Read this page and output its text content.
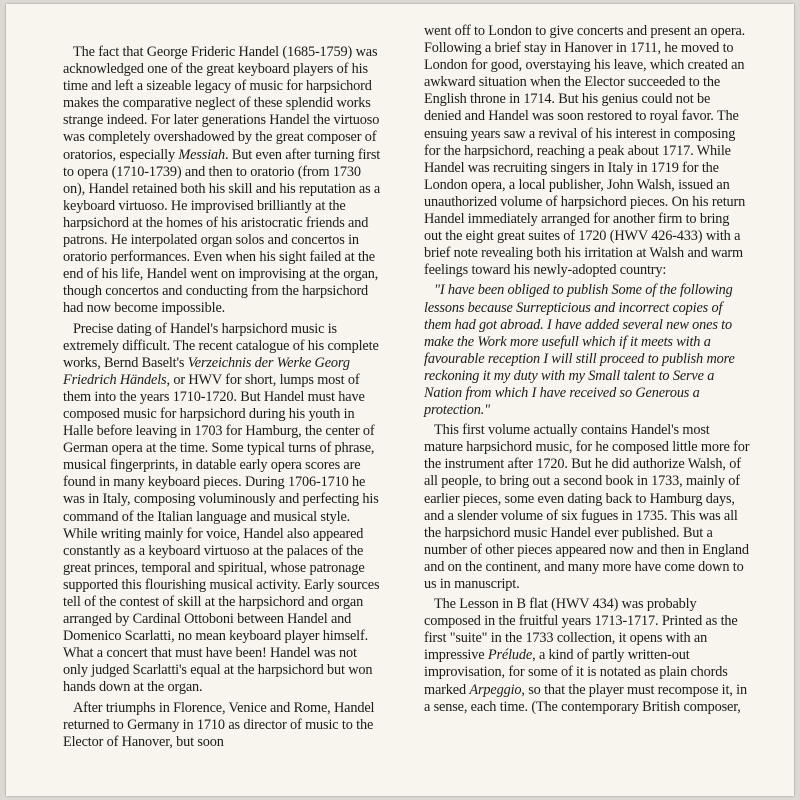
The fact that George Frideric Handel (1685-1759) was acknowledged one of the great keyboard players of his time and left a sizeable legacy of music for harpsichord makes the comparative neglect of these splendid works strange indeed. For later generations Handel the virtuoso was completely overshadowed by the great composer of oratorios, especially Messiah. But even after turning first to opera (1710-1739) and then to oratorio (from 1730 on), Handel retained both his skill and his reputation as a keyboard virtuoso. He improvised brilliantly at the harpsichord at the homes of his aristocratic friends and patrons. He interpolated organ solos and concertos in oratorio performances. Even when his sight failed at the end of his life, Handel went on improvising at the organ, though concertos and conducting from the harpsichord had now become impossible.

Precise dating of Handel's harpsichord music is extremely difficult. The recent catalogue of his complete works, Bernd Baselt's Verzeichnis der Werke Georg Friedrich Händels, or HWV for short, lumps most of them into the years 1710-1720. But Handel must have composed music for harpsichord during his youth in Halle before leaving in 1703 for Hamburg, the center of German opera at the time. Some typical turns of phrase, musical fingerprints, in datable early opera scores are found in many keyboard pieces. During 1706-1710 he was in Italy, composing voluminously and perfecting his command of the Italian language and musical style. While writing mainly for voice, Handel also appeared constantly as a keyboard virtuoso at the palaces of the great princes, temporal and spiritual, whose patronage supported this flourishing musical activity. Early sources tell of the contest of skill at the harpsichord and organ arranged by Cardinal Ottoboni between Handel and Domenico Scarlatti, no mean keyboard player himself. What a concert that must have been! Handel was not only judged Scarlatti's equal at the harpsichord but won hands down at the organ.

After triumphs in Florence, Venice and Rome, Handel returned to Germany in 1710 as director of music to the Elector of Hanover, but soon

went off to London to give concerts and present an opera. Following a brief stay in Hanover in 1711, he moved to London for good, overstaying his leave, which created an awkward situation when the Elector succeeded to the English throne in 1714. But his genius could not be denied and Handel was soon restored to royal favor. The ensuing years saw a revival of his interest in composing for the harpsichord, reaching a peak about 1717. While Handel was recruiting singers in Italy in 1719 for the London opera, a local publisher, John Walsh, issued an unauthorized volume of harpsichord pieces. On his return Handel immediately arranged for another firm to bring out the eight great suites of 1720 (HWV 426-433) with a brief note revealing both his irritation at Walsh and warm feelings toward his newly-adopted country:

"I have been obliged to publish Some of the following lessons because Surrepticious and incorrect copies of them had got abroad. I have added several new ones to make the Work more usefull which if it meets with a favourable reception I will still proceed to publish more reckoning it my duty with my Small talent to Serve a Nation from which I have received so Generous a protection."

This first volume actually contains Handel's most mature harpsichord music, for he composed little more for the instrument after 1720. But he did authorize Walsh, of all people, to bring out a second book in 1733, mainly of earlier pieces, some even dating back to Hamburg days, and a slender volume of six fugues in 1735. This was all the harpsichord music Handel ever published. But a number of other pieces appeared now and then in England and on the continent, and many more have come down to us in manuscript.

The Lesson in B flat (HWV 434) was probably composed in the fruitful years 1713-1717. Printed as the first "suite" in the 1733 collection, it opens with an impressive Prélude, a kind of partly written-out improvisation, for some of it is notated as plain chords marked Arpeggio, so that the player must recompose it, in a sense, each time. (The contemporary British composer,
